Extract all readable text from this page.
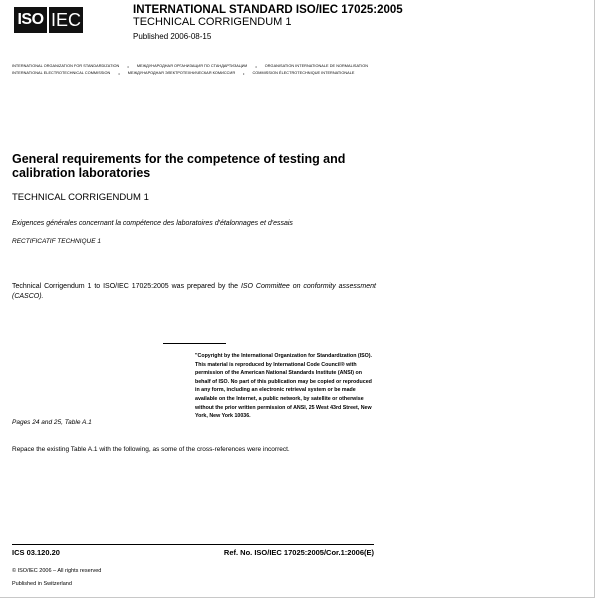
ISO IEC	INTERNATIONAL STANDARD ISO/IEC 17025:2005
TECHNICAL CORRIGENDUM 1
Published 2006-08-15
INTERNATIONAL ORGANIZATION FOR STANDARDIZATION • МЕЖДУНАРОДНАЯ ОРГАНИЗАЦИЯ ПО СТАНДАРТИЗАЦИИ • ORGANISATION INTERNATIONALE DE NORMALISATION
INTERNATIONAL ELECTROTECHNICAL COMMISSION • МЕЖДУНАРОДНАЯ ЭЛЕКТРОТЕХНИЧЕСКАЯ КОМИССИЯ • COMMISSION ÉLECTROTECHNIQUE INTERNATIONALE
General requirements for the competence of testing and calibration laboratories
TECHNICAL CORRIGENDUM 1
Exigences générales concernant la compétence des laboratoires d'étalonnages et d'essais
RECTIFICATIF TECHNIQUE 1
Technical Corrigendum 1 to ISO/IEC 17025:2005 was prepared by the ISO Committee on conformity assessment (CASCO).
"Copyright by the International Organization for Standardization (ISO). This material is reproduced by International Code Council® with permission of the American National Standards Institute (ANSI) on behalf of ISO. No part of this publication may be copied or reproduced in any form, including an electronic retrieval system or be made available on the Internet, a public network, by satellite or otherwise without the prior written permission of ANSI, 25 West 43rd Street, New York, New York 10036.
Pages 24 and 25, Table A.1
Repace the existing Table A.1 with the following, as some of the cross-references were incorrect.
ICS 03.120.20	Ref. No. ISO/IEC 17025:2005/Cor.1:2006(E)
© ISO/IEC 2006 – All rights reserved
Published in Switzerland
